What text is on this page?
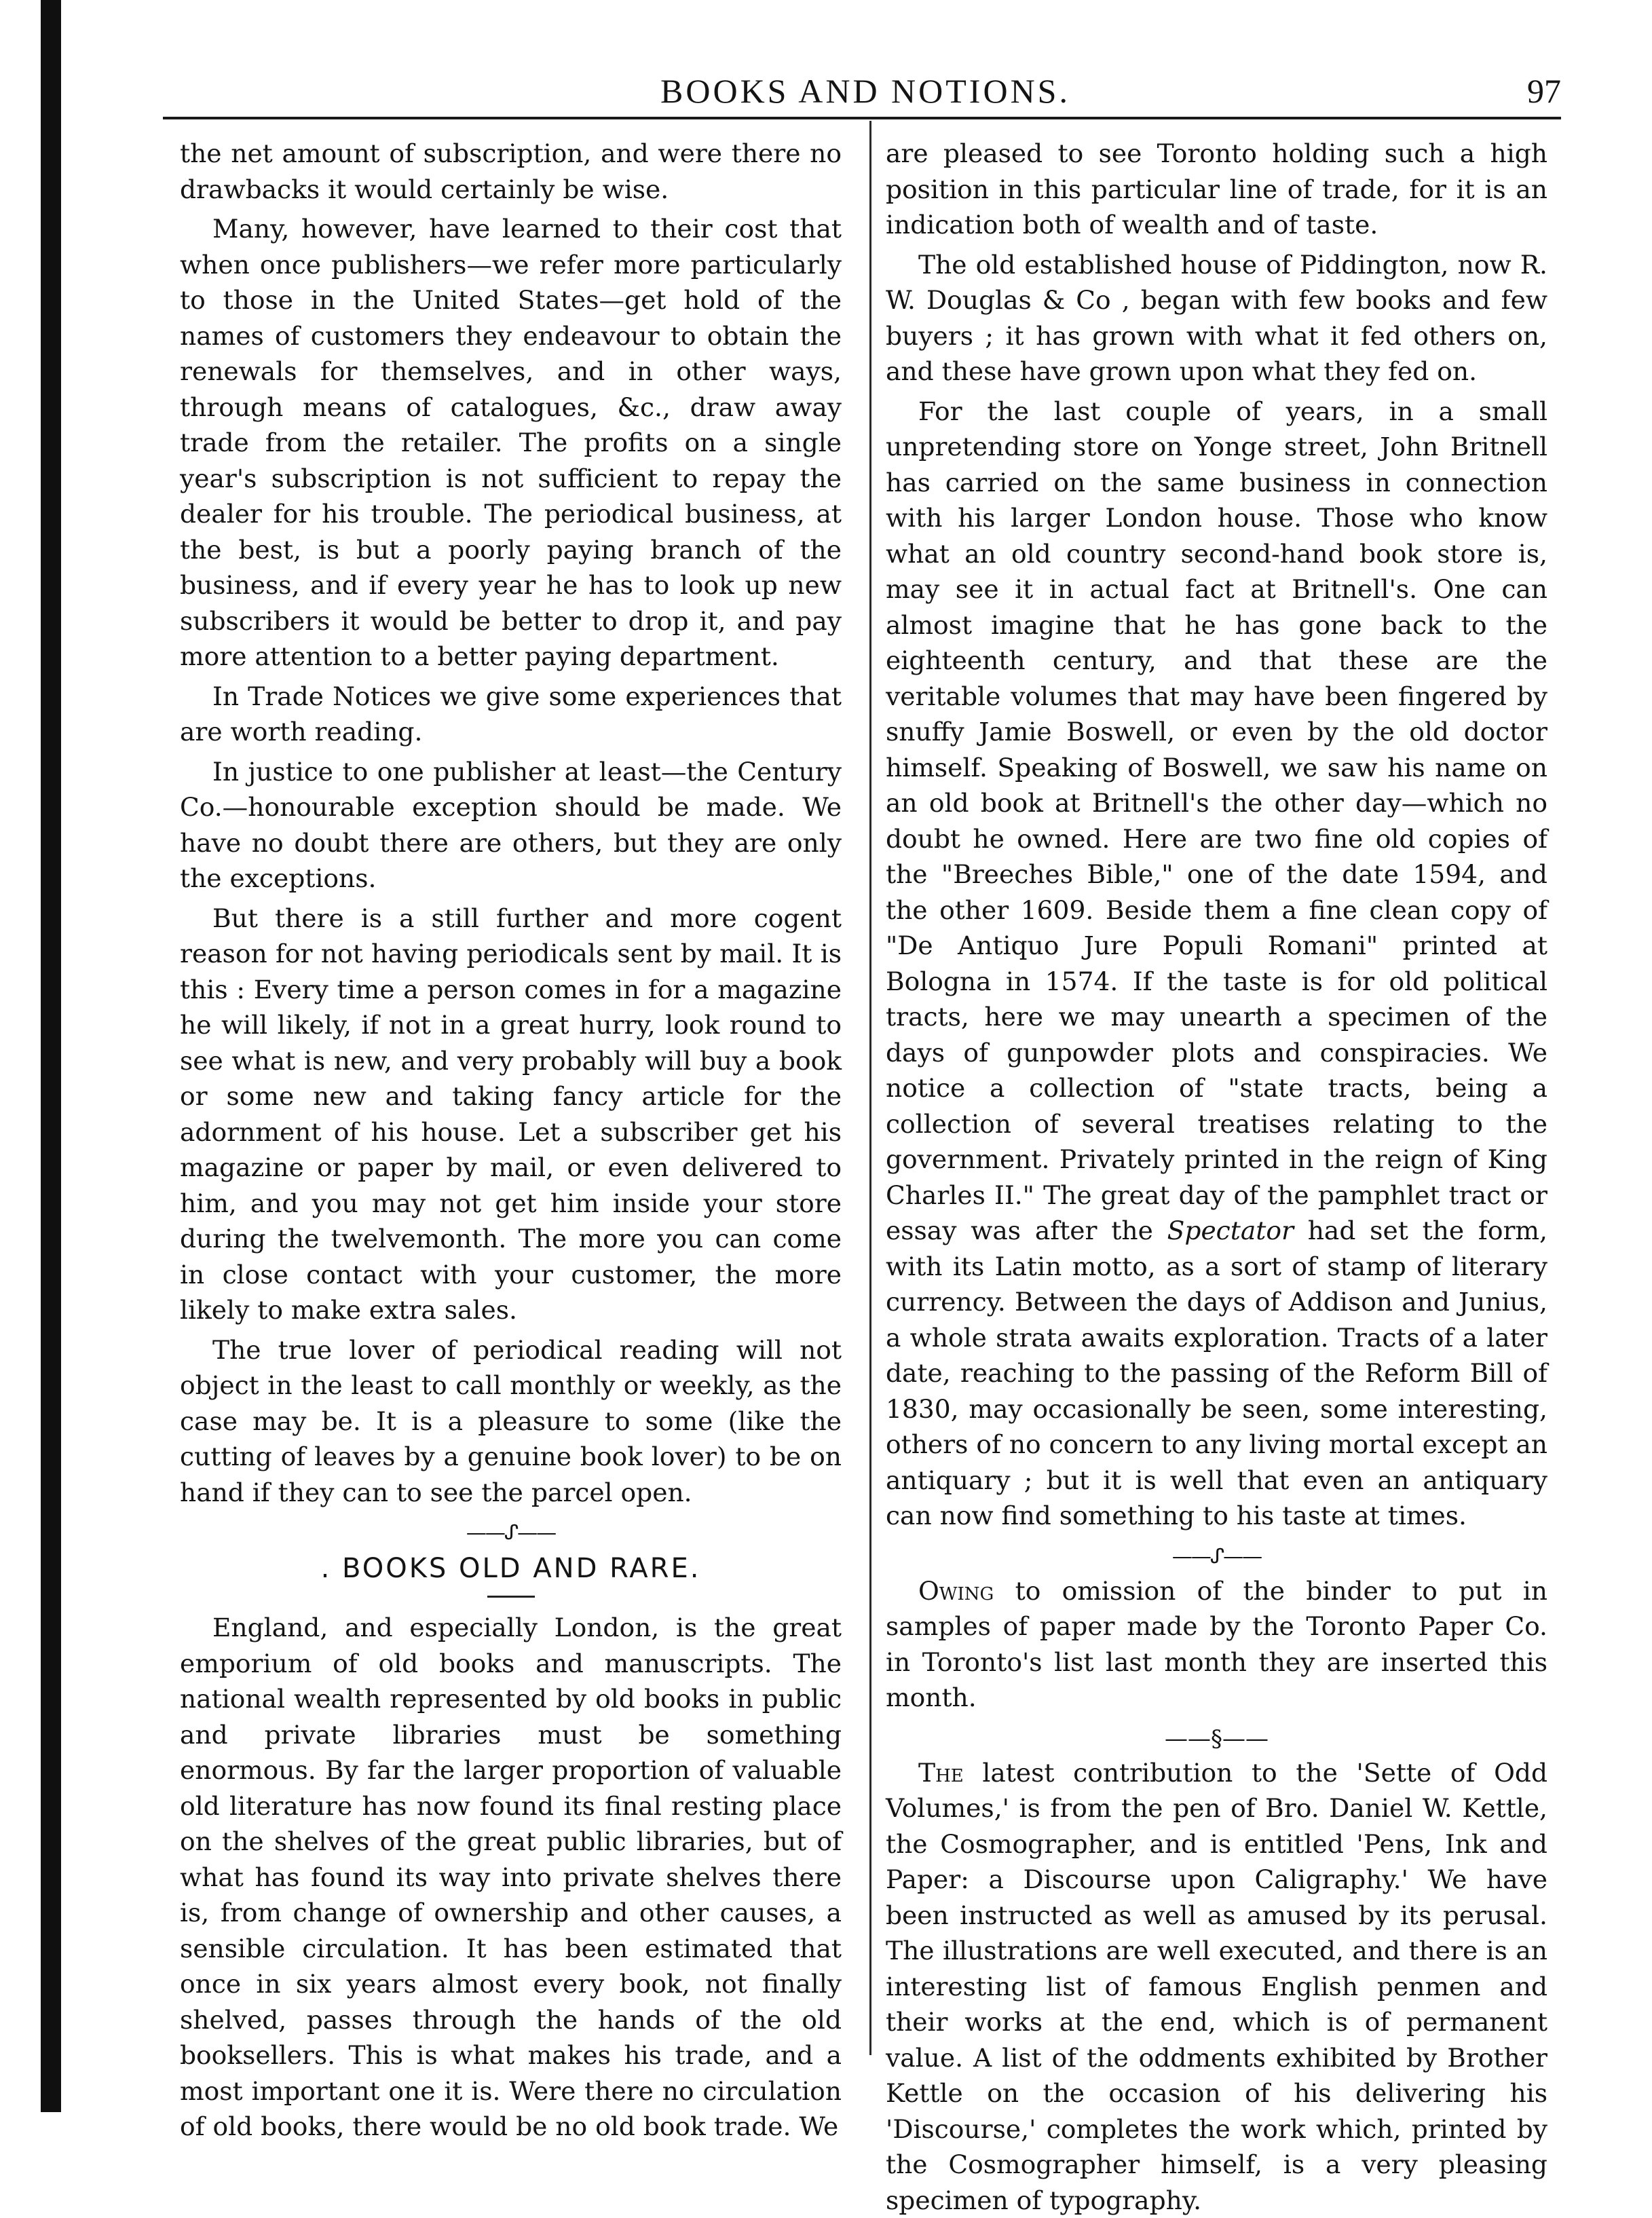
BOOKS AND NOTIONS.	97

the net amount of subscription, and were there no drawbacks it would certainly be wise.

Many, however, have learned to their cost that when once publishers—we refer more particularly to those in the United States—get hold of the names of customers they endeavour to obtain the renewals for themselves, and in other ways, through means of catalogues, &c., draw away trade from the retailer. The profits on a single year's subscription is not sufficient to repay the dealer for his trouble. The periodical business, at the best, is but a poorly paying branch of the business, and if every year he has to look up new subscribers it would be better to drop it, and pay more attention to a better paying department.

In Trade Notices we give some experiences that are worth reading.

In justice to one publisher at least—the Century Co.—honourable exception should be made. We have no doubt there are others, but they are only the exceptions.

But there is a still further and more cogent reason for not having periodicals sent by mail. It is this : Every time a person comes in for a magazine he will likely, if not in a great hurry, look round to see what is new, and very probably will buy a book or some new and taking fancy article for the adornment of his house. Let a subscriber get his magazine or paper by mail, or even delivered to him, and you may not get him inside your store during the twelvemonth. The more you can come in close contact with your customer, the more likely to make extra sales.

The true lover of periodical reading will not object in the least to call monthly or weekly, as the case may be. It is a pleasure to some (like the cutting of leaves by a genuine book lover) to be on hand if they can to see the parcel open.

——ᔑ——
. BOOKS OLD AND RARE.

England, and especially London, is the great emporium of old books and manuscripts. The national wealth represented by old books in public and private libraries must be something enormous. By far the larger proportion of valuable old literature has now found its final resting place on the shelves of the great public libraries, but of what has found its way into private shelves there is, from change of ownership and other causes, a sensible circulation. It has been estimated that once in six years almost every book, not finally shelved, passes through the hands of the old booksellers. This is what makes his trade, and a most important one it is. Were there no circulation of old books, there would be no old book trade. We

are pleased to see Toronto holding such a high position in this particular line of trade, for it is an indication both of wealth and of taste.

The old established house of Piddington, now R. W. Douglas & Co , began with few books and few buyers ; it has grown with what it fed others on, and these have grown upon what they fed on.

For the last couple of years, in a small unpretending store on Yonge street, John Britnell has carried on the same business in connection with his larger London house. Those who know what an old country second-hand book store is, may see it in actual fact at Britnell's. One can almost imagine that he has gone back to the eighteenth century, and that these are the veritable volumes that may have been fingered by snuffy Jamie Boswell, or even by the old doctor himself. Speaking of Boswell, we saw his name on an old book at Britnell's the other day—which no doubt he owned. Here are two fine old copies of the "Breeches Bible," one of the date 1594, and the other 1609. Beside them a fine clean copy of "De Antiquo Jure Populi Romani" printed at Bologna in 1574. If the taste is for old political tracts, here we may unearth a specimen of the days of gunpowder plots and conspiracies. We notice a collection of "state tracts, being a collection of several treatises relating to the government. Privately printed in the reign of King Charles II." The great day of the pamphlet tract or essay was after the Spectator had set the form, with its Latin motto, as a sort of stamp of literary currency. Between the days of Addison and Junius, a whole strata awaits exploration. Tracts of a later date, reaching to the passing of the Reform Bill of 1830, may occasionally be seen, some interesting, others of no concern to any living mortal except an antiquary ; but it is well that even an antiquary can now find something to his taste at times.

——ᔑ——

Owing to omission of the binder to put in samples of paper made by the Toronto Paper Co. in Toronto's list last month they are inserted this month.

——§——

The latest contribution to the 'Sette of Odd Volumes,' is from the pen of Bro. Daniel W. Kettle, the Cosmographer, and is entitled 'Pens, Ink and Paper: a Discourse upon Caligraphy.' We have been instructed as well as amused by its perusal. The illustrations are well executed, and there is an interesting list of famous English penmen and their works at the end, which is of permanent value. A list of the oddments exhibited by Brother Kettle on the occasion of his delivering his 'Discourse,' completes the work which, printed by the Cosmographer himself, is a very pleasing specimen of typography.
